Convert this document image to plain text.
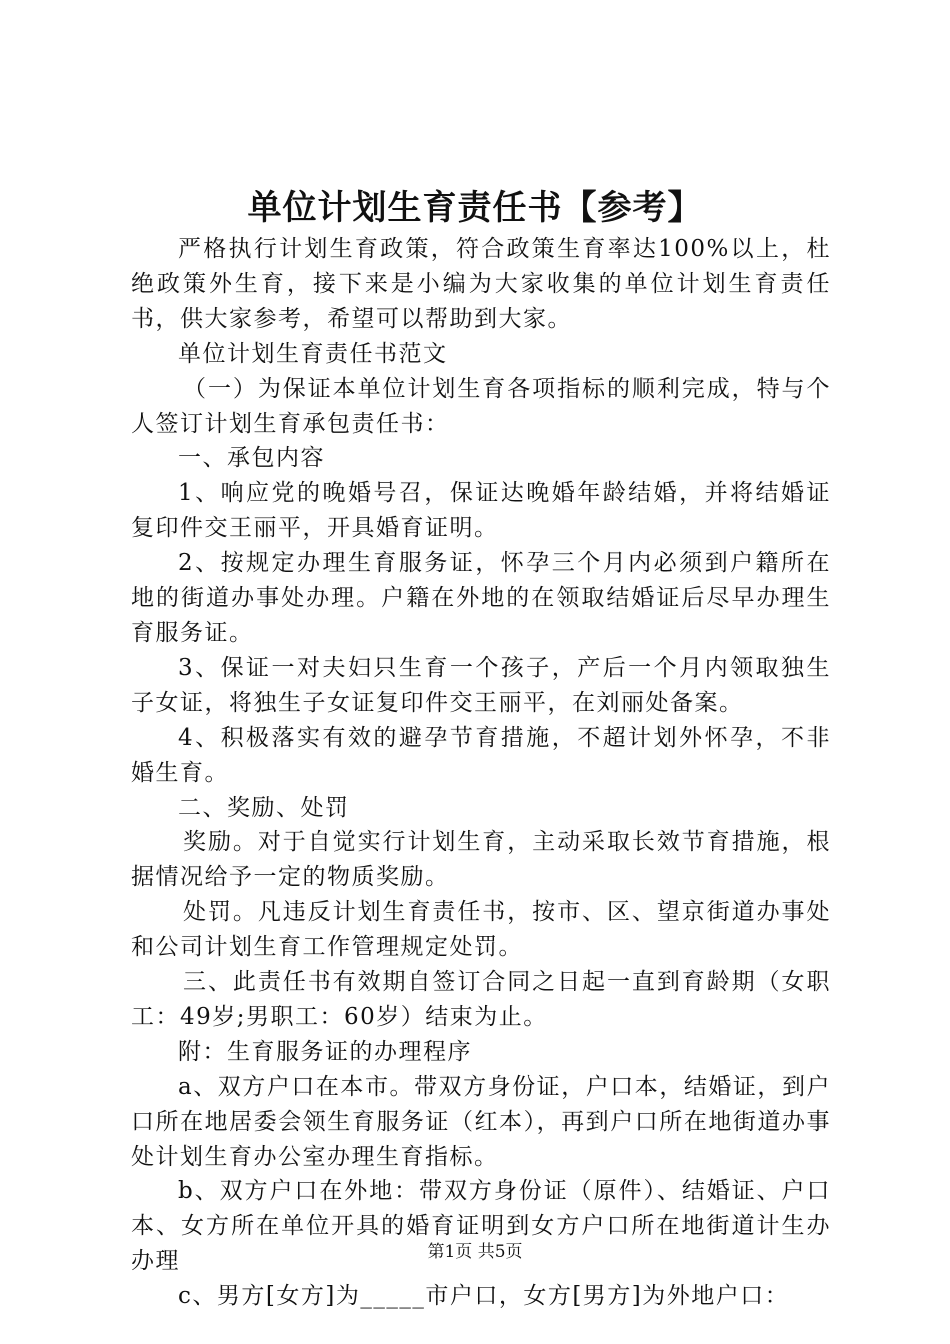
单位计划生育责任书【参考】

严格执行计划生育政策，符合政策生育率达100%以上，杜绝政策外生育，接下来是小编为大家收集的单位计划生育责任书，供大家参考，希望可以帮助到大家。

单位计划生育责任书范文

（一）为保证本单位计划生育各项指标的顺利完成，特与个人签订计划生育承包责任书：

一、承包内容

1、响应党的晚婚号召，保证达晚婚年龄结婚，并将结婚证复印件交王丽平，开具婚育证明。

2、按规定办理生育服务证，怀孕三个月内必须到户籍所在地的街道办事处办理。户籍在外地的在领取结婚证后尽早办理生育服务证。

3、保证一对夫妇只生育一个孩子，产后一个月内领取独生子女证，将独生子女证复印件交王丽平，在刘丽处备案。

4、积极落实有效的避孕节育措施，不超计划外怀孕，不非婚生育。

二、奖励、处罚

奖励。对于自觉实行计划生育，主动采取长效节育措施，根据情况给予一定的物质奖励。

处罚。凡违反计划生育责任书，按市、区、望京街道办事处和公司计划生育工作管理规定处罚。

三、此责任书有效期自签订合同之日起一直到育龄期（女职工：49岁;男职工：60岁）结束为止。

附：生育服务证的办理程序

a、双方户口在本市。带双方身份证，户口本，结婚证，到户口所在地居委会领生育服务证（红本），再到户口所在地街道办事处计划生育办公室办理生育指标。

b、双方户口在外地：带双方身份证（原件）、结婚证、户口本、女方所在单位开具的婚育证明到女方户口所在地街道计生办办理

c、男方[女方]为_____市户口，女方[男方]为外地户口：

第1页 共5页
